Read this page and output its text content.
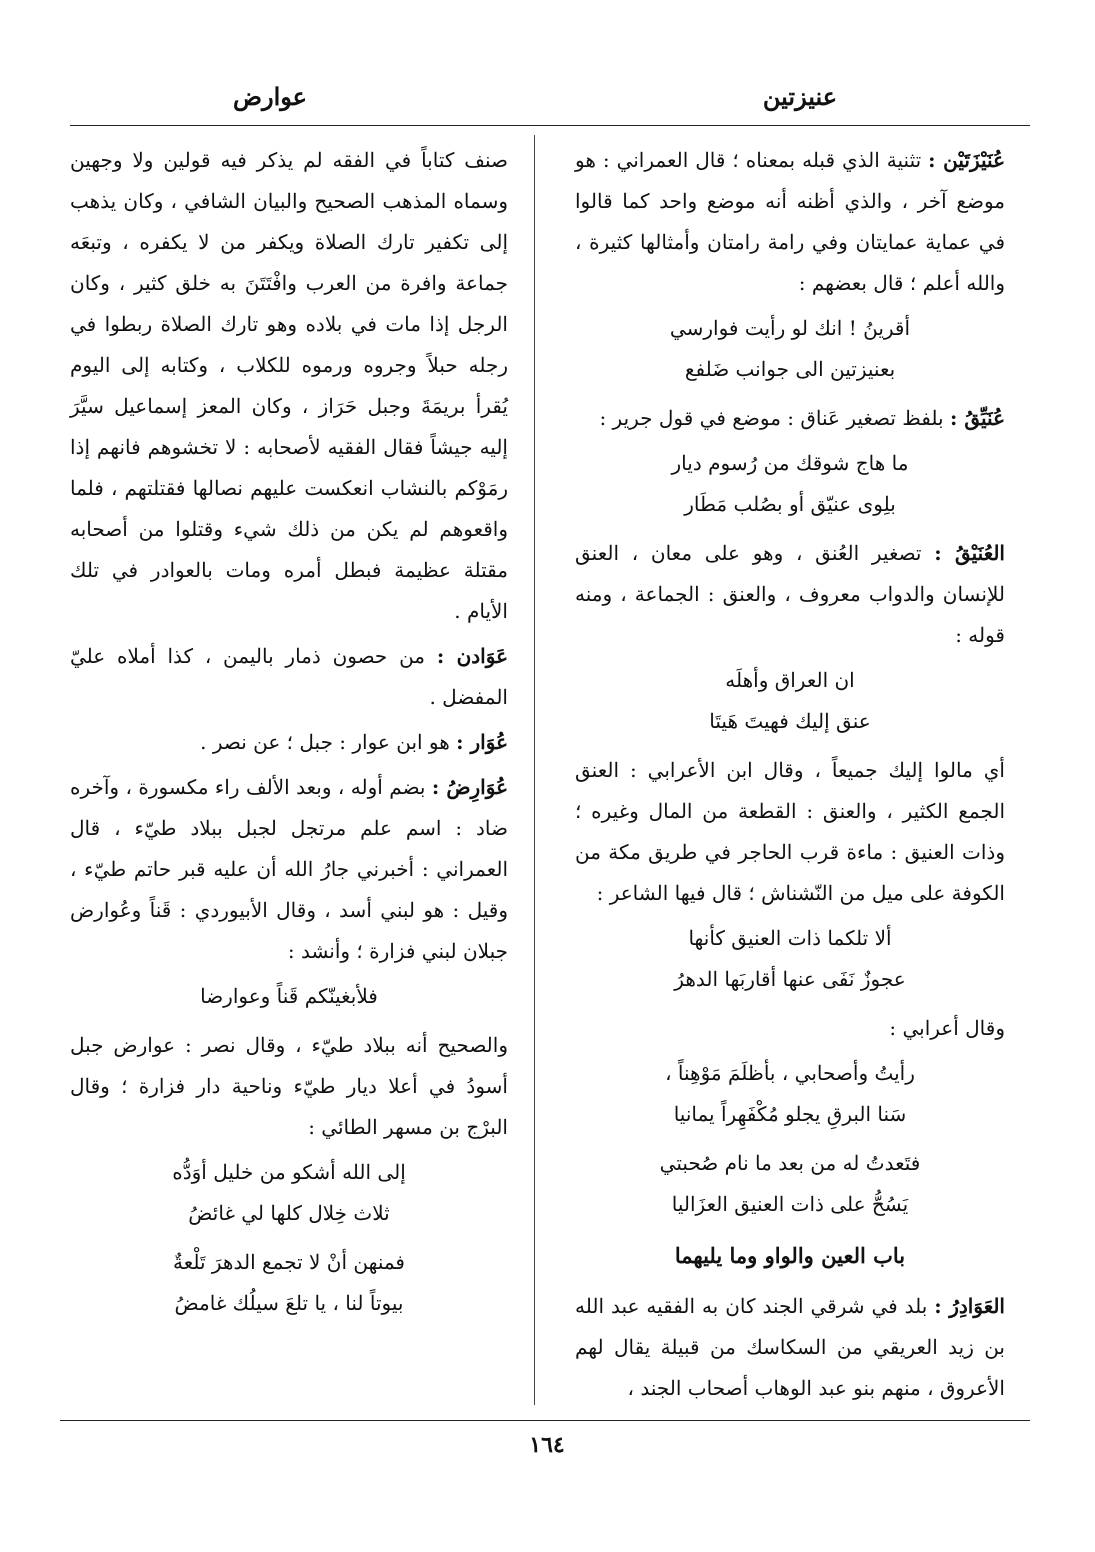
عنيزتين
عوارض
عُنَيْزَتَيْن : تثنية الذي قبله بمعناه ؛ قال العمراني : هو موضع آخر ، والذي أظنه أنه موضع واحد كما قالوا في عماية عمايتان وفي رامة رامتان وأمثالها كثيرة ، والله أعلم ؛ قال بعضهم :
أقرينُ ! انك لو رأيت فوارسي
بعنيزتين الى جوانب ضَلفع
عُنَيِّقُ : بلفظ تصغير عَناق : موضع في قول جرير :
ما هاج شوقك من رُسوم ديار
بلِوى عنيّق أو بصُلب مَطَار
العُنَيْقُ : تصغير العُنق ، وهو على معان ، العنق للإنسان والدواب معروف ، والعنق : الجماعة ، ومنه قوله :
ان العراق وأهلَه
عنق إليك فهيتَ هَيتَا
أي مالوا إليك جميعاً ، وقال ابن الأعرابي : العنق الجمع الكثير ، والعنق : القطعة من المال وغيره ؛ وذات العنيق : ماءة قرب الحاجر في طريق مكة من الكوفة على ميل من النّشناش ؛ قال فيها الشاعر :
ألا تلكما ذات العنيق كأنها
عجوزٌ نَفَى عنها أقاربَها الدهرُ
وقال أعرابي :
رأيتُ وأصحابي ، بأظلَمَ مَوْهِناً ،
سَنا البرقِ يجلو مُكْفَهِراً يمانيا
فتَعدتُ له من بعد ما نام صُحبتي
يَسُحُّ على ذات العنيق العزَاليا
باب العين والواو وما يليهما
العَوَادِرُ : بلد في شرقي الجند كان به الفقيه عبد الله بن زيد العريقي من السكاسك من قبيلة يقال لهم الأعروق ، منهم بنو عبد الوهاب أصحاب الجند ،
صنف كتاباً في الفقه لم يذكر فيه قولين ولا وجهين وسماه المذهب الصحيح والبيان الشافي ، وكان يذهب إلى تكفير تارك الصلاة ويكفر من لا يكفره ، وتبعَه جماعة وافرة من العرب وافْتَتَنَ به خلق كثير ، وكان الرجل إذا مات في بلاده وهو تارك الصلاة ربطوا في رجله حبلاً وجروه ورموه للكلاب ، وكتابه إلى اليوم يُقرأ بريمَةَ وجبل حَرَاز ، وكان المعز إسماعيل سيَّرَ إليه جيشاً فقال الفقيه لأصحابه : لا تخشوهم فانهم إذا رمَوْكم بالنشاب انعكست عليهم نصالها فقتلتهم ، فلما واقعوهم لم يكن من ذلك شيء وقتلوا من أصحابه مقتلة عظيمة فبطل أمره ومات بالعوادر في تلك الأيام .
عَوَادن : من حصون ذمار باليمن ، كذا أملاه عليّ المفضل .
عُوَار : هو ابن عوار : جبل ؛ عن نصر .
عُوَارِضُ : بضم أوله ، وبعد الألف راء مكسورة ، وآخره ضاد : اسم علم مرتجل لجبل ببلاد طيّء ، قال العمراني : أخبرني جارُ الله أن عليه قبر حاتم طيّء ، وقيل : هو لبني أسد ، وقال الأبيوردي : قَناً وعُوارض جبلان لبني فزارة ؛ وأنشد :
فلأبغينّكم قَناً وعوارضا
والصحيح أنه ببلاد طيّء ، وقال نصر : عوارض جبل أسودُ في أعلا ديار طيّء وناحية دار فزارة ؛ وقال البرْج بن مسهر الطائي :
إلى الله أشكو من خليل أوَدُّه
ثلاث خِلال كلها لي غائضُ
فمنهن أنْ لا تجمع الدهرَ تَلْعةٌ
بيوتاً لنا ، يا تلعَ سيلُك غامضُ
١٦٤
